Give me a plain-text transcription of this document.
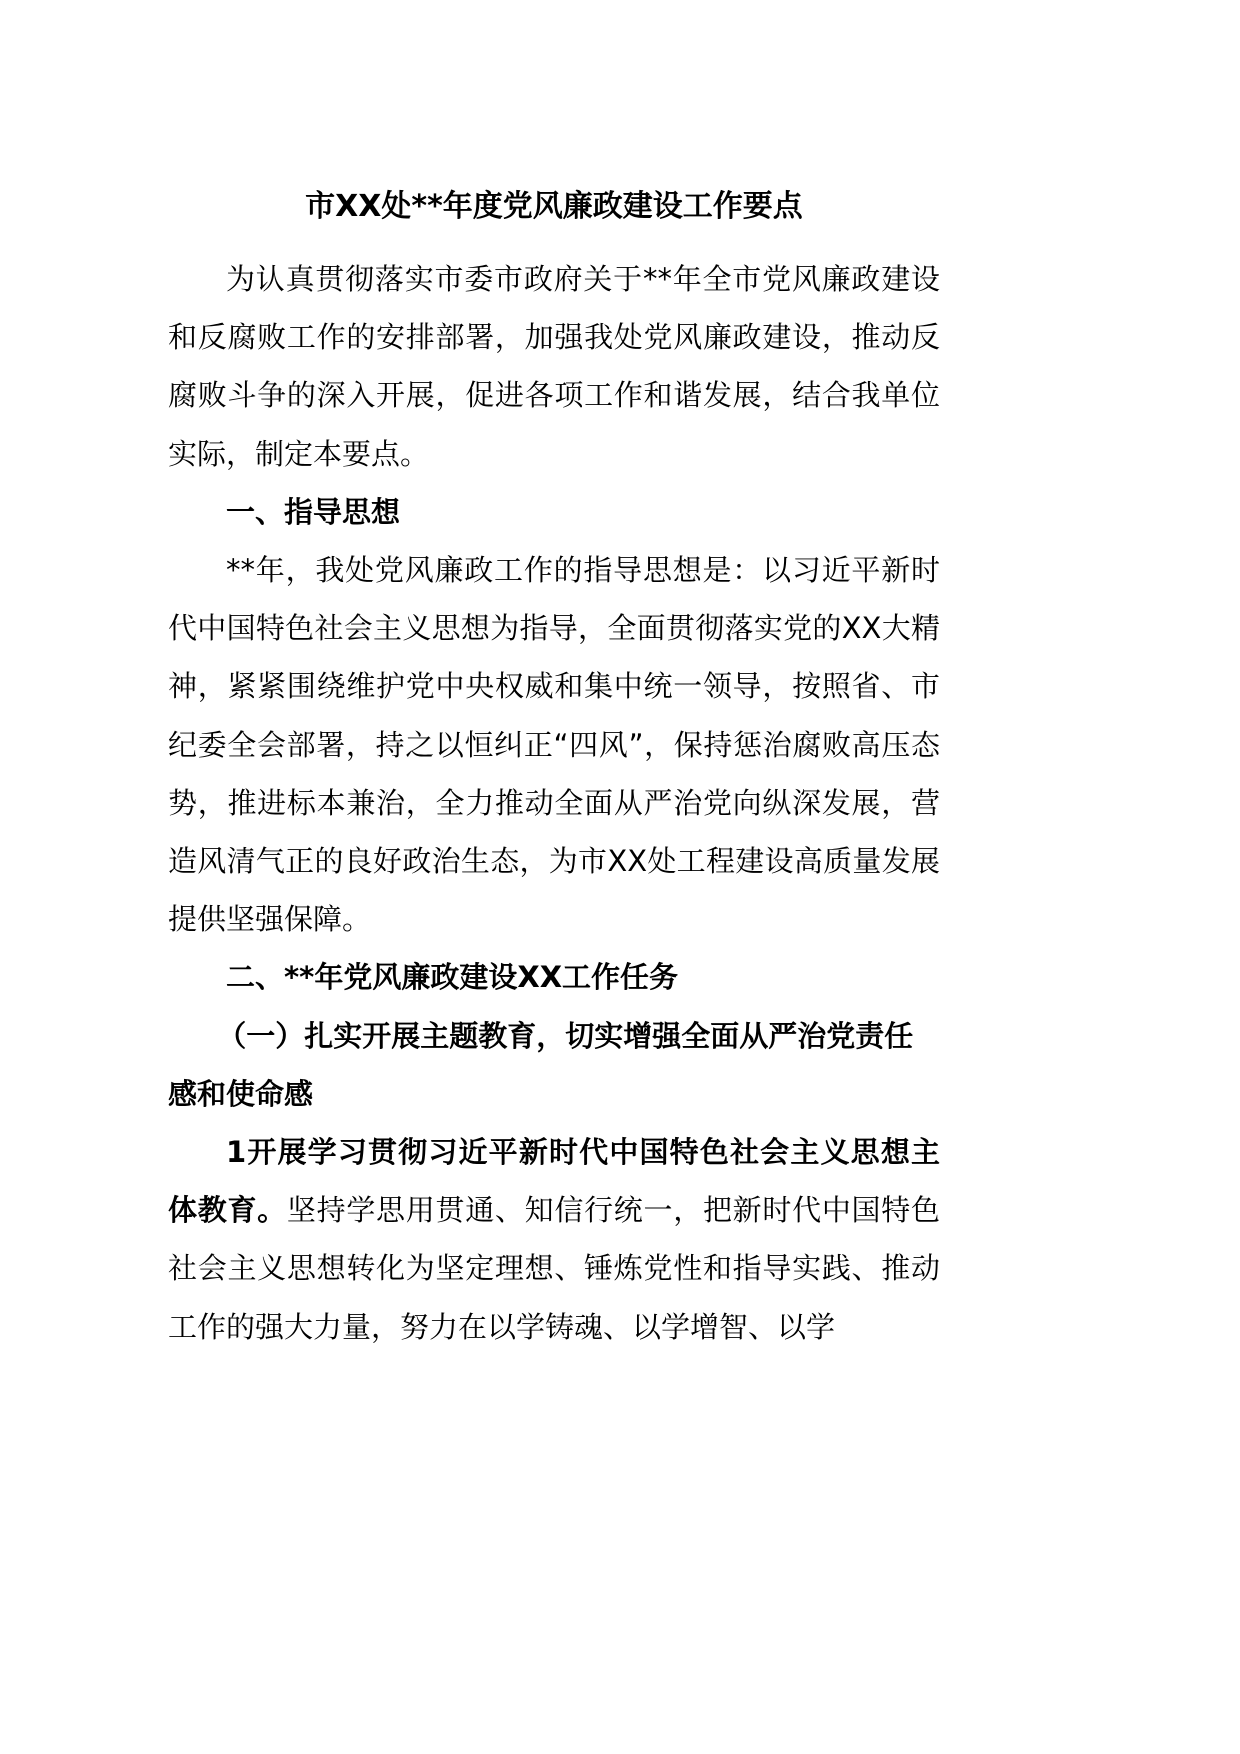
市XX处**年度党风廉政建设工作要点

为认真贯彻落实市委市政府关于**年全市党风廉政建设和反腐败工作的安排部署，加强我处党风廉政建设，推动反腐败斗争的深入开展，促进各项工作和谐发展，结合我单位实际，制定本要点。

一、指导思想

**年，我处党风廉政工作的指导思想是：以习近平新时代中国特色社会主义思想为指导，全面贯彻落实党的XX大精神，紧紧围绕维护党中央权威和集中统一领导，按照省、市纪委全会部署，持之以恒纠正“四风”，保持惩治腐败高压态势，推进标本兼治，全力推动全面从严治党向纵深发展，营造风清气正的良好政治生态，为市XX处工程建设高质量发展提供坚强保障。

二、**年党风廉政建设XX工作任务

（一）扎实开展主题教育，切实增强全面从严治党责任感和使命感

1开展学习贯彻习近平新时代中国特色社会主义思想主体教育。坚持学思用贯通、知信行统一，把新时代中国特色社会主义思想转化为坚定理想、锤炼党性和指导实践、推动工作的强大力量，努力在以学铸魂、以学增智、以学
